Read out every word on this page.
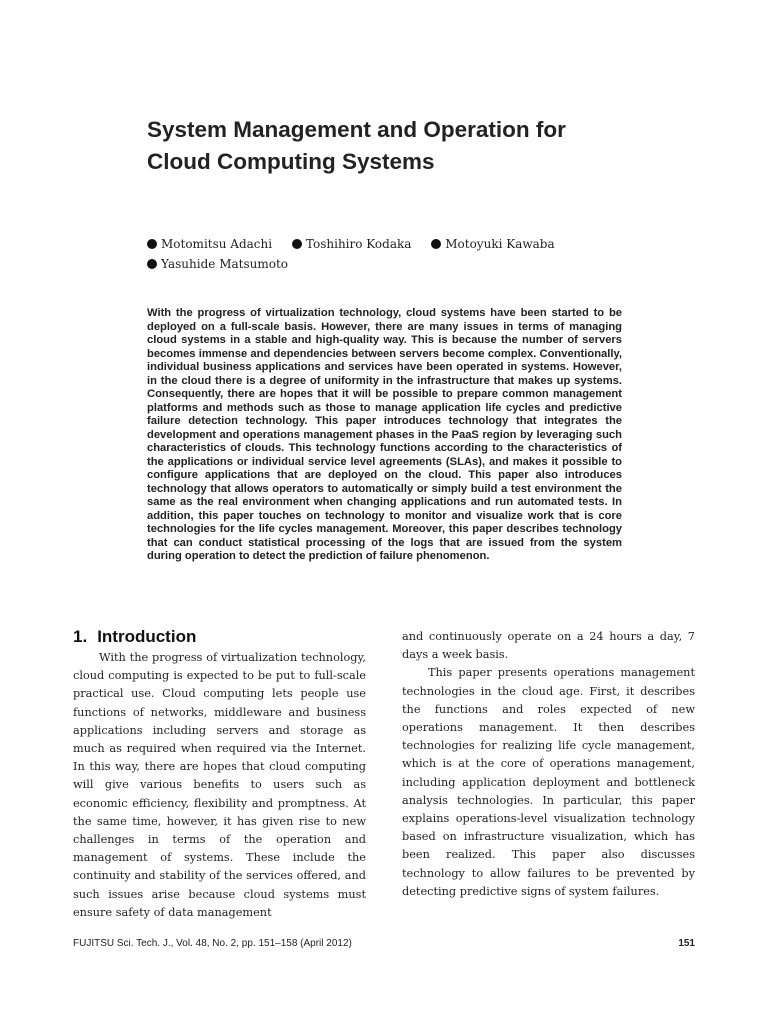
System Management and Operation for
Cloud Computing Systems
Motomitsu Adachi	Toshihiro Kodaka	Motoyuki Kawaba
Yasuhide Matsumoto
With the progress of virtualization technology, cloud systems have been started to be deployed on a full-scale basis. However, there are many issues in terms of managing cloud systems in a stable and high-quality way. This is because the number of servers becomes immense and dependencies between servers become complex. Conventionally, individual business applications and services have been operated in systems. However, in the cloud there is a degree of uniformity in the infrastructure that makes up systems. Consequently, there are hopes that it will be possible to prepare common management platforms and methods such as those to manage application life cycles and predictive failure detection technology. This paper introduces technology that integrates the development and operations management phases in the PaaS region by leveraging such characteristics of clouds. This technology functions according to the characteristics of the applications or individual service level agreements (SLAs), and makes it possible to configure applications that are deployed on the cloud. This paper also introduces technology that allows operators to automatically or simply build a test environment the same as the real environment when changing applications and run automated tests. In addition, this paper touches on technology to monitor and visualize work that is core technologies for the life cycles management. Moreover, this paper describes technology that can conduct statistical processing of the logs that are issued from the system during operation to detect the prediction of failure phenomenon.
1. Introduction

With the progress of virtualization technology, cloud computing is expected to be put to full-scale practical use. Cloud computing lets people use functions of networks, middleware and business applications including servers and storage as much as required when required via the Internet. In this way, there are hopes that cloud computing will give various benefits to users such as economic efficiency, flexibility and promptness. At the same time, however, it has given rise to new challenges in terms of the operation and management of systems. These include the continuity and stability of the services offered, and such issues arise because cloud systems must ensure safety of data management

and continuously operate on a 24 hours a day, 7 days a week basis.

This paper presents operations management technologies in the cloud age. First, it describes the functions and roles expected of new operations management. It then describes technologies for realizing life cycle management, which is at the core of operations management, including application deployment and bottleneck analysis technologies. In particular, this paper explains operations-level visualization technology based on infrastructure visualization, which has been realized. This paper also discusses technology to allow failures to be prevented by detecting predictive signs of system failures.

FUJITSU Sci. Tech. J., Vol. 48, No. 2, pp. 151–158 (April 2012)	151
